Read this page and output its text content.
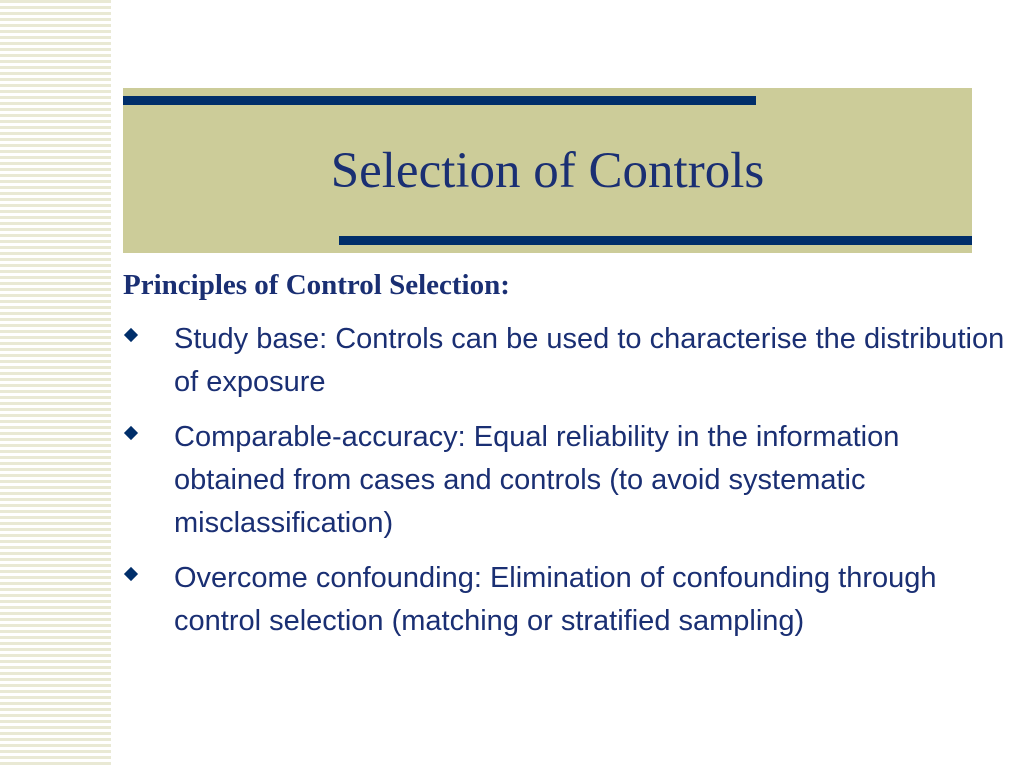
Selection of Controls

Principles of Control Selection:

Study base: Controls can be used to characterise the distribution of exposure
Comparable-accuracy: Equal reliability in the information obtained from cases and controls (to avoid systematic misclassification)
Overcome confounding: Elimination of confounding through control selection (matching or stratified sampling)
